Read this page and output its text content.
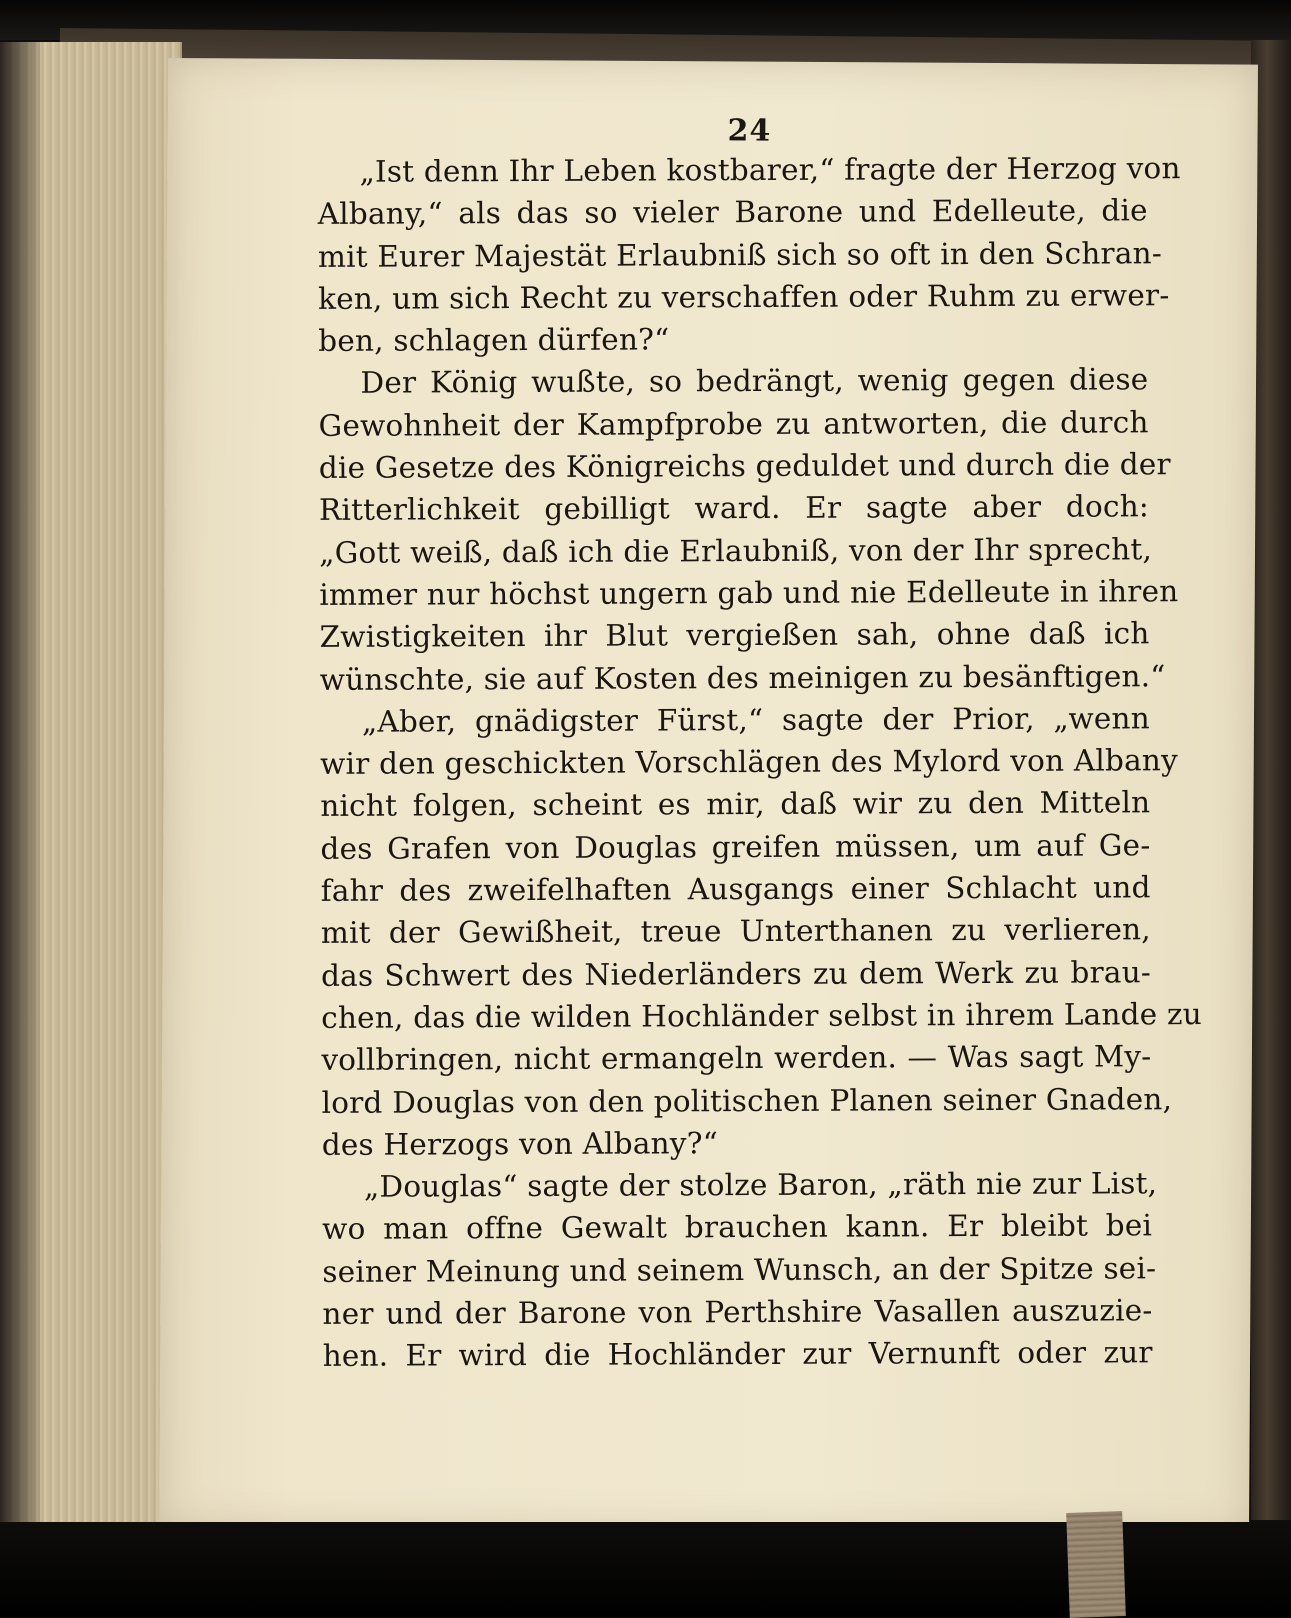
24
„Ist denn Ihr Leben kostbarer,“ fragte der Herzog von
Albany,“ als das so vieler Barone und Edelleute, die
mit Eurer Majestät Erlaubniß sich so oft in den Schran-
ken, um sich Recht zu verschaffen oder Ruhm zu erwer-
ben, schlagen dürfen?“
Der König wußte, so bedrängt, wenig gegen diese
Gewohnheit der Kampfprobe zu antworten, die durch
die Gesetze des Königreichs geduldet und durch die der
Ritterlichkeit gebilligt ward. Er sagte aber doch:
„Gott weiß, daß ich die Erlaubniß, von der Ihr sprecht,
immer nur höchst ungern gab und nie Edelleute in ihren
Zwistigkeiten ihr Blut vergießen sah, ohne daß ich
wünschte, sie auf Kosten des meinigen zu besänftigen.“
„Aber, gnädigster Fürst,“ sagte der Prior, „wenn
wir den geschickten Vorschlägen des Mylord von Albany
nicht folgen, scheint es mir, daß wir zu den Mitteln
des Grafen von Douglas greifen müssen, um auf Ge-
fahr des zweifelhaften Ausgangs einer Schlacht und
mit der Gewißheit, treue Unterthanen zu verlieren,
das Schwert des Niederländers zu dem Werk zu brau-
chen, das die wilden Hochländer selbst in ihrem Lande zu
vollbringen, nicht ermangeln werden. — Was sagt My-
lord Douglas von den politischen Planen seiner Gnaden,
des Herzogs von Albany?“
„Douglas“ sagte der stolze Baron, „räth nie zur List,
wo man offne Gewalt brauchen kann. Er bleibt bei
seiner Meinung und seinem Wunsch, an der Spitze sei-
ner und der Barone von Perthshire Vasallen auszuzie-
hen. Er wird die Hochländer zur Vernunft oder zur
